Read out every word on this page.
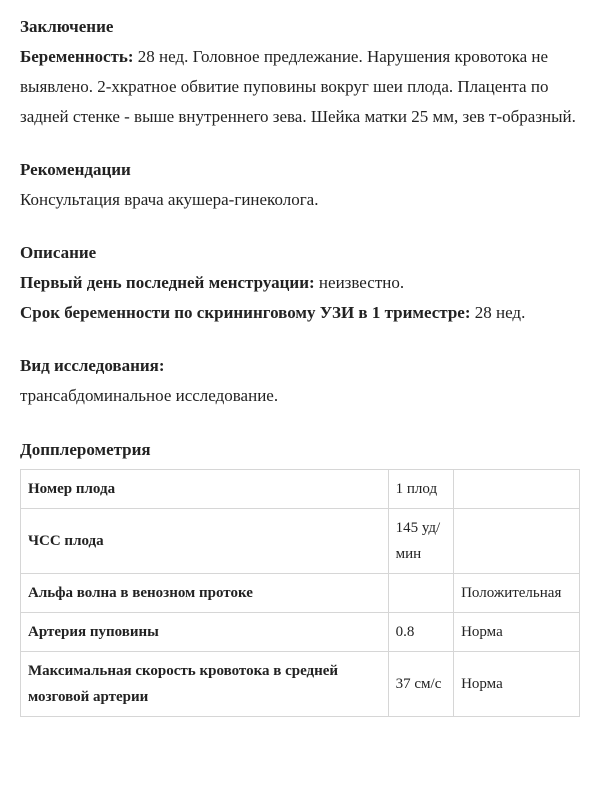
Заключение

Беременность: 28 нед. Головное предлежание. Нарушения кровотока не выявлено. 2-хкратное обвитие пуповины вокруг шеи плода. Плацента по задней стенке - выше внутреннего зева. Шейка матки 25 мм, зев т-образный.

Рекомендации

Консультация врача акушера-гинеколога.

Описание

Первый день последней менструации: неизвестно.

Срок беременности по скрининговому УЗИ в 1 триместре: 28 нед.

Вид исследования:

трансабдоминальное исследование.

Допплерометрия

Номер плода	1 плод	
ЧСС плода	145 уд/мин	
Альфа волна в венозном протоке		Положительная
Артерия пуповины	0.8	Норма
Максимальная скорость кровотока в средней мозговой артерии	37 см/с	Норма
